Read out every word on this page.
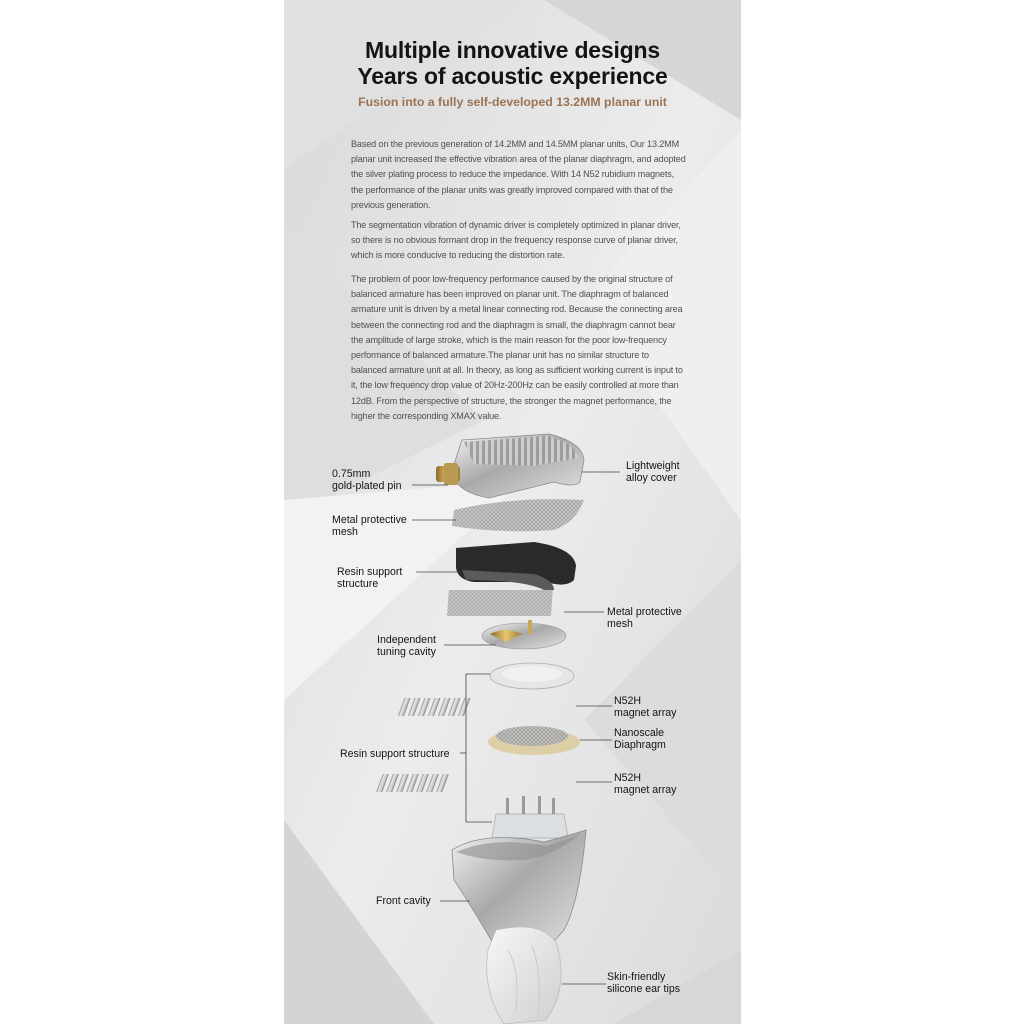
Multiple innovative designs
Years of acoustic experience
Fusion into a fully self-developed 13.2MM planar unit

Based on the previous generation of 14.2MM and 14.5MM planar units, Our 13.2MM planar unit increased the effective vibration area of the planar diaphragm, and adopted the silver plating process to reduce the impedance. With 14 N52 rubidium magnets, the performance of the planar units was greatly improved compared with that of the previous generation.

The segmentation vibration of dynamic driver is completely optimized in planar driver, so there is no obvious formant drop in the frequency response curve of planar driver, which is more conducive to reducing the distortion rate.

The problem of poor low-frequency performance caused by the original structure of balanced armature has been improved on planar unit. The diaphragm of balanced armature unit is driven by a metal linear connecting rod. Because the connecting area between the connecting rod and the diaphragm is small, the diaphragm cannot bear the amplitude of large stroke, which is the main reason for the poor low-frequency performance of balanced armature.The planar unit has no similar structure to balanced armature unit at all. In theory, as long as sufficient working current is input to it, the low frequency drop value of 20Hz-200Hz can be easily controlled at more than 12dB. From the perspective of structure, the stronger the magnet performance, the higher the corresponding XMAX value.

0.75mm
gold-plated pin
Lightweight
alloy cover
Metal protective
mesh
Resin support
structure
Metal protective
mesh
Independent
tuning cavity
N52H
magnet array
Nanoscale
Diaphragm
Resin support structure
N52H
magnet array
Front cavity
Skin-friendly
silicone ear tips
